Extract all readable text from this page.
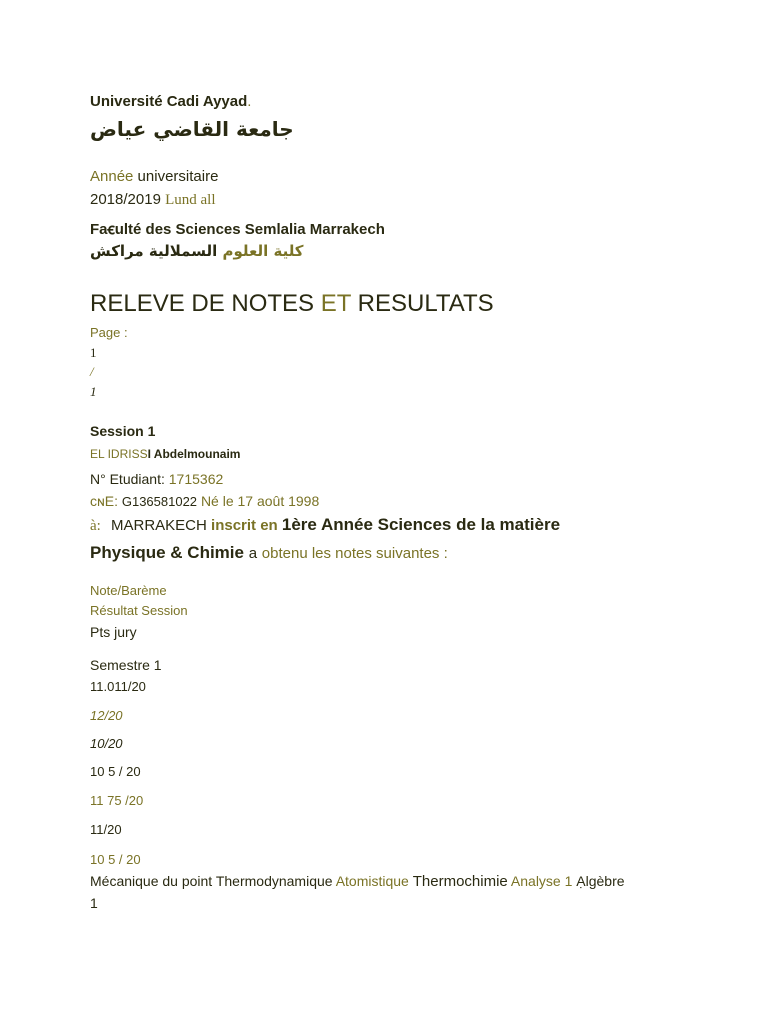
Université Cadi Ayyad.
جامعة القاضي عياض
Année universitaire
2018/2019 Lund all
Faꞓulté des Sciences Semlalia Marrakech
كلية العلوم السملالية مراكش
RELEVE DE NOTES ET RESULTATS
Page :
1
/
1
Session 1
EL IDRISSI Abdelmounaim
N° Etudiant: 1715362
cɴE: G136581022 Né le 17 août 1998
à: MARRAKECH inscrit en 1ère Année Sciences de la matière
Physique & Chimie a obtenu les notes suivantes :
Note/Barème
Résultat Session
Pts jury
Semestre 1
11.011/20
12/20
10/20
10 5 / 20
11 75 /20
11/20
10 5 / 20
Mécanique du point Thermodynamique Atomistique Thermochimie Analyse 1 Ạlgèbre
1
